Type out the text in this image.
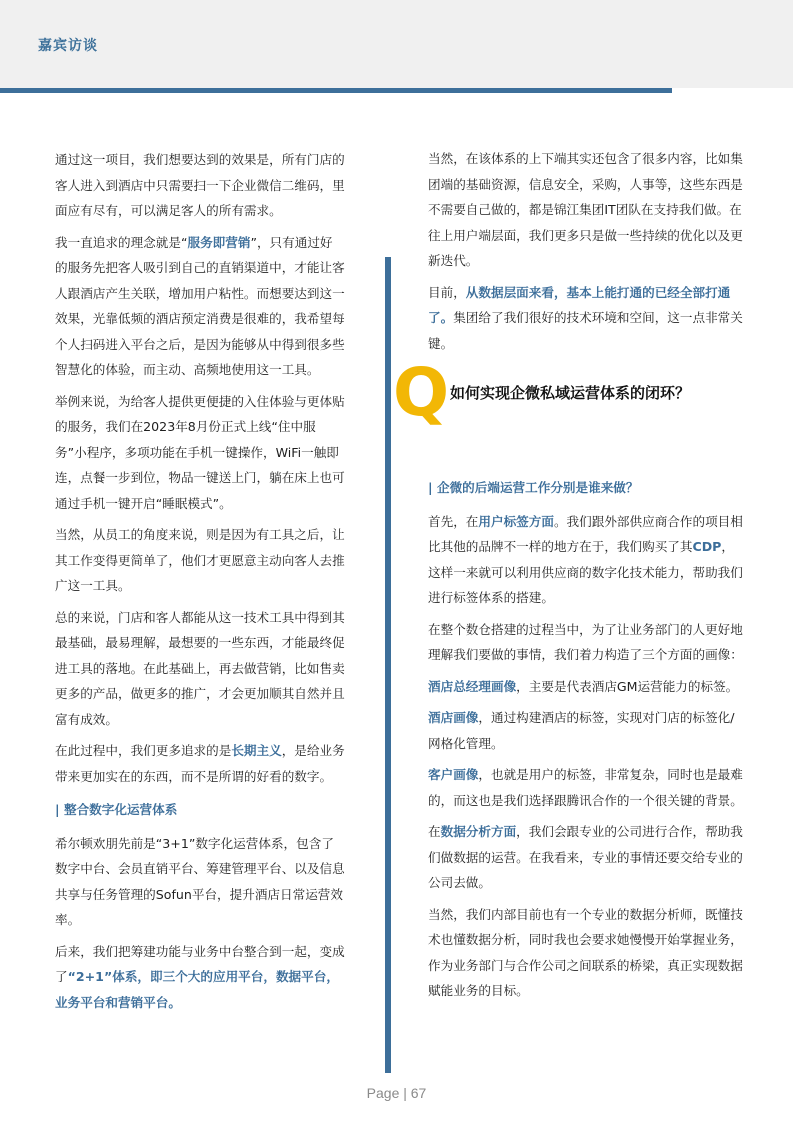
嘉宾访谈

通过这一项目，我们想要达到的效果是，所有门店的客人进入到酒店中只需要扫一下企业微信二维码，里面应有尽有，可以满足客人的所有需求。

我一直追求的理念就是“服务即营销”，只有通过好的服务先把客人吸引到自己的直销渠道中，才能让客人跟酒店产生关联，增加用户粘性。而想要达到这一效果，光靠低频的酒店预定消费是很难的，我希望每个人扫码进入平台之后，是因为能够从中得到很多些智慧化的体验，而主动、高频地使用这一工具。

举例来说，为给客人提供更便捷的入住体验与更体贴的服务，我们在2023年8月份正式上线“住中服务”小程序，多项功能在手机一键操作，WiFi一触即连，点餐一步到位，物品一键送上门，躺在床上也可通过手机一键开启“睡眠模式”。

当然，从员工的角度来说，则是因为有工具之后，让其工作变得更简单了，他们才更愿意主动向客人去推广这一工具。

总的来说，门店和客人都能从这一技术工具中得到其最基础，最易理解，最想要的一些东西，才能最终促进工具的落地。在此基础上，再去做营销，比如售卖更多的产品，做更多的推广，才会更加顺其自然并且富有成效。

在此过程中，我们更多追求的是长期主义，是给业务带来更加实在的东西，而不是所谓的好看的数字。

| 整合数字化运营体系

希尔顿欢朋先前是“3+1”数字化运营体系，包含了数字中台、会员直销平台、筹建管理平台、以及信息共享与任务管理的Sofun平台，提升酒店日常运营效率。

后来，我们把筹建功能与业务中台整合到一起，变成了“2+1”体系，即三个大的应用平台，数据平台，业务平台和营销平台。

当然，在该体系的上下端其实还包含了很多内容，比如集团端的基础资源，信息安全，采购，人事等，这些东西是不需要自己做的，都是锦江集团IT团队在支持我们做。在往上用户端层面，我们更多只是做一些持续的优化以及更新迭代。

目前，从数据层面来看，基本上能打通的已经全部打通了。集团给了我们很好的技术环境和空间，这一点非常关键。

Q 如何实现企微私域运营体系的闭环？
| 企微的后端运营工作分别是谁来做？

首先，在用户标签方面。我们跟外部供应商合作的项目相比其他的品牌不一样的地方在于，我们购买了其CDP，这样一来就可以利用供应商的数字化技术能力，帮助我们进行标签体系的搭建。

在整个数仓搭建的过程当中，为了让业务部门的人更好地理解我们要做的事情，我们着力构造了三个方面的画像：

酒店总经理画像，主要是代表酒店GM运营能力的标签。

酒店画像，通过构建酒店的标签，实现对门店的标签化/网格化管理。

客户画像，也就是用户的标签，非常复杂，同时也是最难的，而这也是我们选择跟腾讯合作的一个很关键的背景。

在数据分析方面，我们会跟专业的公司进行合作，帮助我们做数据的运营。在我看来，专业的事情还要交给专业的公司去做。

当然，我们内部目前也有一个专业的数据分析师，既懂技术也懂数据分析，同时我也会要求她慢慢开始掌握业务，作为业务部门与合作公司之间联系的桥梁，真正实现数据赋能业务的目标。

Page | 67
